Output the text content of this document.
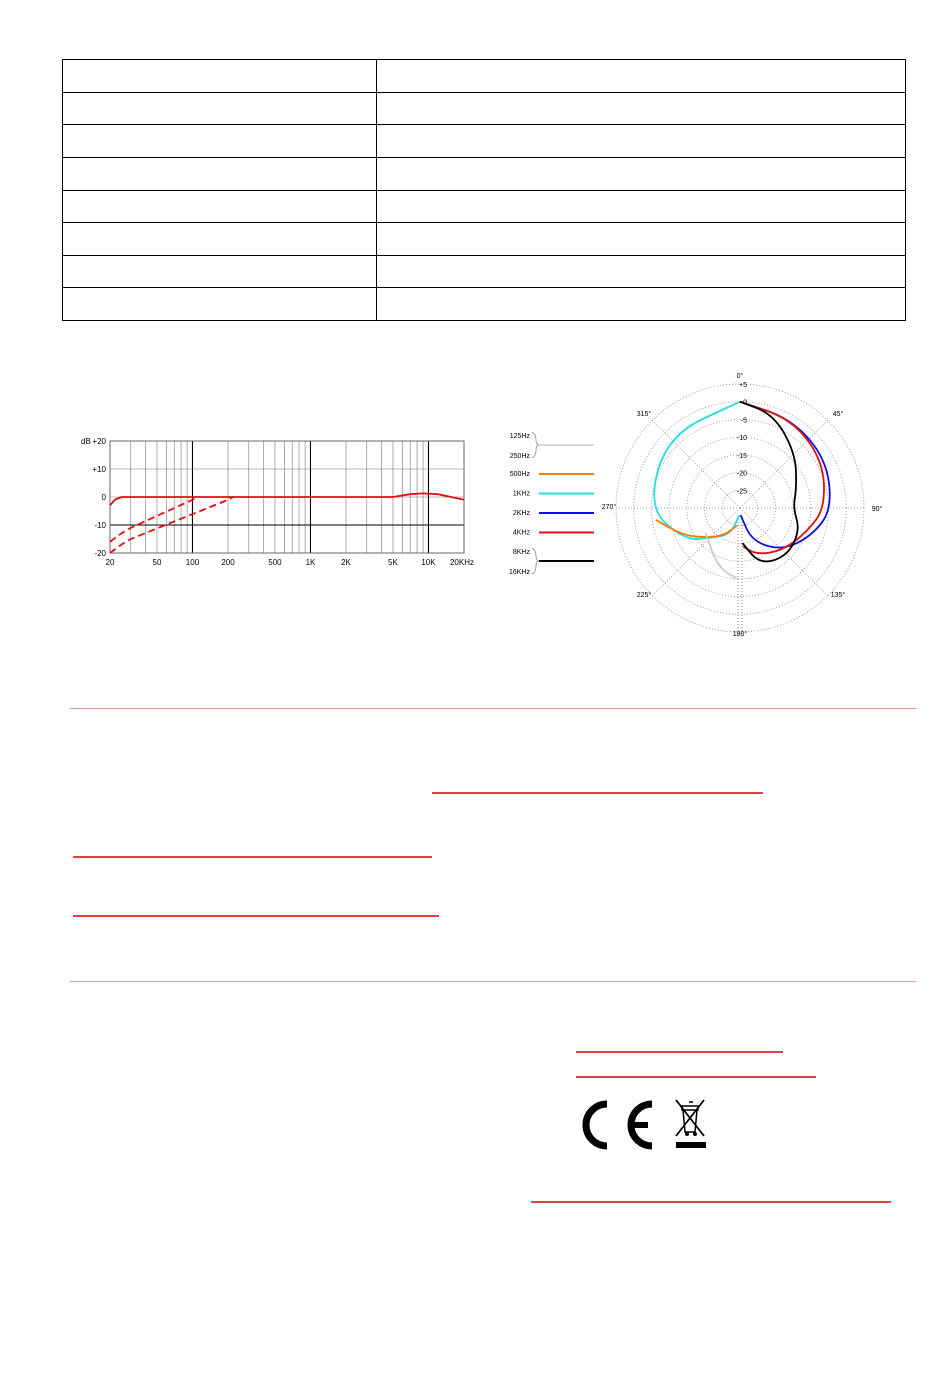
+20
+10
0
-10
-20
dB
20	50	100	200	500	1K	2K	5K	10K 20KHz
125Hz
250Hz
500Hz
1KHz
2KHz
4KHz
8KHz
16KHz
+5
0
-5
-10
-15
-20
-25
0°
45°
90°
135°
180°
225°
270°
315°
